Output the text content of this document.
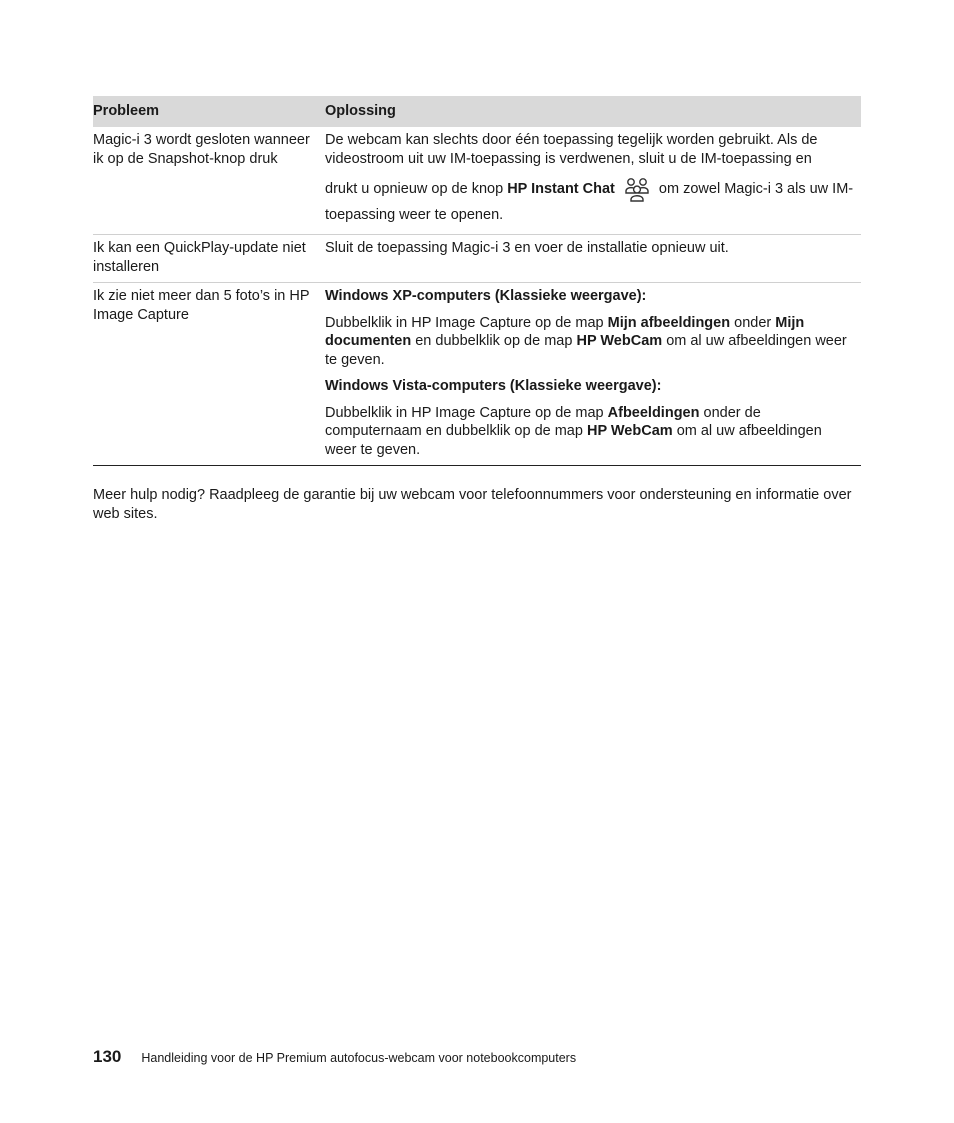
Probleem	Oplossing
Magic-i 3 wordt gesloten wanneer ik op de Snapshot-knop druk	De webcam kan slechts door één toepassing tegelijk worden gebruikt. Als de videostroom uit uw IM-toepassing is verdwenen, sluit u de IM-toepassing en

drukt u opnieuw op de knop HP Instant Chat om zowel Magic-i 3 als uw IM-toepassing weer te openen.

Ik kan een QuickPlay-update niet installeren	Sluit de toepassing Magic-i 3 en voer de installatie opnieuw uit.

Ik zie niet meer dan 5 foto’s in HP Image Capture	Windows XP-computers (Klassieke weergave):

Dubbelklik in HP Image Capture op de map Mijn afbeeldingen onder Mijn documenten en dubbelklik op de map HP WebCam om al uw afbeeldingen weer te geven.

Windows Vista-computers (Klassieke weergave):

Dubbelklik in HP Image Capture op de map Afbeeldingen onder de computernaam en dubbelklik op de map HP WebCam om al uw afbeeldingen weer te geven.

Meer hulp nodig? Raadpleeg de garantie bij uw webcam voor telefoonnummers voor ondersteuning en informatie over web sites.

130 Handleiding voor de HP Premium autofocus-webcam voor notebookcomputers
